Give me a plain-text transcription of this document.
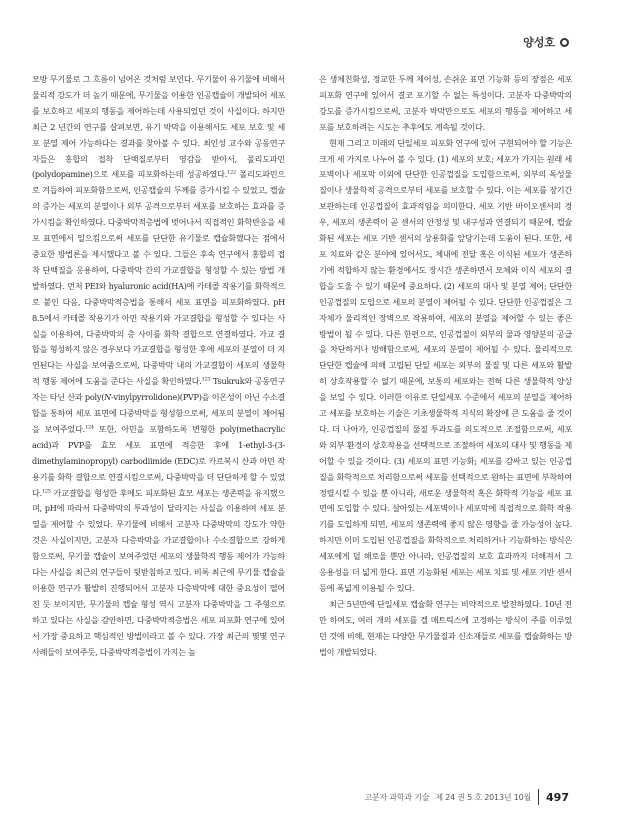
양성호

모방 무기물로 그 흐름이 넘어온 것처럼 보인다. 무기물이 유기물에 비해서 물리적 강도가 더 높기 때문에, 무기물을 이용한 인공캡슐이 개발되어 세포를 보호하고 세포의 행동을 제어하는데 사용되었던 것이 사실이다. 하지만 최근 2 년간의 연구를 살펴보면, 유기 박막을 이용해서도 세포 보호 및 세포 분열 제어 가능하다는 결과를 찾아볼 수 있다. 최인성 교수와 공동연구자들은 홍합의 접착 단백질로부터 영감을 받아서, 폴리도파민(polydopamine)으로 세포를 피포화하는데 성공하였다.$^{122}$ 폴리도파민으로 겨듭하여 피포화함으로써, 인공캡슐의 두께를 증가시킬 수 있었고, 캡슐의 증가는 세포의 분열이나 외부 공격으로부터 세포를 보호하는 효과를 증가시킴을 확인하였다. 다중박막적층법에 벗어나서 직접적인 화학반응을 세포 표면에서 일으킴으로써 세포를 단단한 유기물로 캡슐화했다는 점에서 중요한 방법론을 제시했다고 볼 수 있다. 그들은 후속 연구에서 홍합의 접착 단백질을 응용하여, 다중박막 간의 가교결합을 형성할 수 있는 방법 개발하였다. 먼저 PEI와 hyaluronic acid(HA)에 카테콜 작용기를 화학적으로 붙인 다음, 다중박막적층법을 통해서 세포 표면을 피포화하였다. pH 8.5에서 카테콜 작용기가 아민 작용기와 가교결합을 형성할 수 있다는 사실을 이용하여, 다중박막의 층 사이를 화학 결합으로 연결하였다. 가교 결합을 형성하지 않은 경우보다 가교결합을 형성한 후에 세포의 분열이 더 지연된다는 사실을 보여줌으로써, 다중박막 내의 가교결합이 세포의 생물학적 행동 제어에 도움을 준다는 사실을 확인하였다.$^{123}$ Tsukruk와 공동연구자는 타닌 산과 poly(N-vinylpyrrolidone)(PVP)을 이온성이 아닌 수소결합을 통하여 세포 표면에 다중박막을 형성함으로써, 세포의 분열이 제어됨을 보여주었다.$^{124}$ 또한, 아민을 포함하도록 변형한 poly(methacrylic acid)과 PVP를 효모 세포 표면에 적층한 후에 1-ethyl-3-(3-dimethylaminopropyl) carbodiimide (EDC)로 카르복시 산과 아민 작용기를 화학 결합으로 연결시킴으로써, 다중박막을 더 단단하게 할 수 있었다.$^{125}$ 가교결합을 형성한 후에도 피포화된 효모 세포는 생존력을 유지했으며, pH에 따라서 다중박막의 투과성이 달라지는 사실을 이용하여 세포 분열을 제어할 수 있었다. 무기물에 비해서 고분자 다중박막의 강도가 약한 것은 사실이지만, 고분자 다층박막을 가교결합이나 수소결합으로 강하게 함으로써, 무기물 캡슐이 보여주었던 세포의 생물학적 행동 제어가 가능하다는 사실을 최근의 연구들이 뒷받침하고 있다. 비록 최근에 무기물 캡슐을 이용한 연구가 활발히 진행되어서 고분자 다층박막에 대한 중요성이 떨어진 듯 보이지만, 무기물의 캡슐 형성 역시 고분자 다중박막을 그 주형으로 하고 있다는 사실을 감안하면, 다중박막적층법은 세포 피포화 연구에 있어서 가장 중요하고 핵심적인 방법이라고 볼 수 있다. 가장 최근의 몇몇 연구 사례들이 보여주듯, 다중박막적층법이 가지는 높

은 생체친화성, 정교한 두께 제어성, 손쉬운 표면 기능화 등의 장점은 세포 피포화 연구에 있어서 결코 포기할 수 없는 특성이다. 고분자 다중박막의 강도를 증가시킴으로써, 고분자 박막만으로도 세포의 행동을 제어하고 세포를 보호하려는 시도는 추후에도 계속될 것이다.

현재 그리고 미래의 단일세포 피포화 연구에 있어 구현되어야 할 기능은 크게 세 가지로 나누어 볼 수 있다. (1) 세포의 보호; 세포가 가지는 원래 세포벽이나 세포막 이외에 단단한 인공껍질을 도입함으로써, 외부의 독성물질이나 생물학적 공격으로부터 세포를 보호할 수 있다. 이는 세포를 장기간 보관하는데 인공껍질이 효과적임을 의미한다. 세포 기반 바이오센서의 경우, 세포의 생존력이 곧 센서의 안정성 및 내구성과 연결되기 때문에, 캡슐화된 세포는 세포 기반 센서의 상용화를 앞당기는데 도움이 된다. 또한, 세포 치료와 같은 분야에 있어서도, 체내에 전달 혹은 이식된 세포가 생존하기에 적합하지 않는 환경에서도 장시간 생존하면서 모체와 이식 세포의 결합을 도울 수 있기 때문에 중요하다. (2) 세포의 대사 및 분열 제어; 단단한 인공껍질의 도입으로 세포의 분열이 제어될 수 있다. 단단한 인공껍질은 그 자체가 물리적인 장벽으로 작용하여, 세포의 분열을 제어할 수 있는 좋은 방법이 될 수 있다. 다른 한편으로, 인공껍질이 외부의 물과 영양분의 공급을 차단하거나 방해함으로써, 세포의 분열이 제어될 수 있다. 물리적으로 단단한 캡슐에 의해 고립된 단일 세포는 외부의 물질 및 다른 세포와 활발히 상호작용할 수 없기 때문에, 보통의 세포와는 전혀 다른 생물학적 양상을 보일 수 있다. 이러한 이유로 단일세포 수준에서 세포의 분열을 제어하고 세포를 보호하는 기술은 기초생물학적 지식의 확장에 큰 도움을 줄 것이다. 더 나아가, 인공껍질의 물질 투과도를 의도적으로 조절함으로써, 세포와 외부 환경의 상호작용을 선택적으로 조절하여 세포의 대사 및 행동을 제어할 수 있을 것이다. (3) 세포의 표면 기능화; 세포를 감싸고 있는 인공껍질을 화학적으로 처리함으로써 세포를 선택적으로 원하는 표면에 부착하여 정렬시킬 수 있을 뿐 아니라, 새로운 생물학적 혹은 화학적 기능을 세포 표면에 도입할 수 있다. 살아있는 세포벽이나 세포막에 직접적으로 화학 작용기를 도입하게 되면, 세포의 생존력에 좋지 않은 영향을 줄 가능성이 높다. 하지만 이미 도입된 인공껍질을 화학적으로 처리하거나 기능화하는 방식은 세포에게 덜 해로울 뿐만 아니라, 인공껍질의 보호 효과까지 더해져서 그 응용성을 더 넓게 한다. 표면 기능화된 세포는 세포 치료 및 세포 기반 센서 등에 폭넓게 이용될 수 있다.

최근 5년만에 단일세포 캡슐화 연구는 비약적으로 발전하였다. 10년 전만 하여도, 여러 개의 세포를 겔 매트릭스에 고정하는 방식이 주를 이루었던 것에 비해, 현재는 다양한 무기물질과 신소재들로 세포를 캡슐화하는 방법이 개발되었다.

고분자 과학과 기술 제 24 권 5 호 2013년 10월 497
